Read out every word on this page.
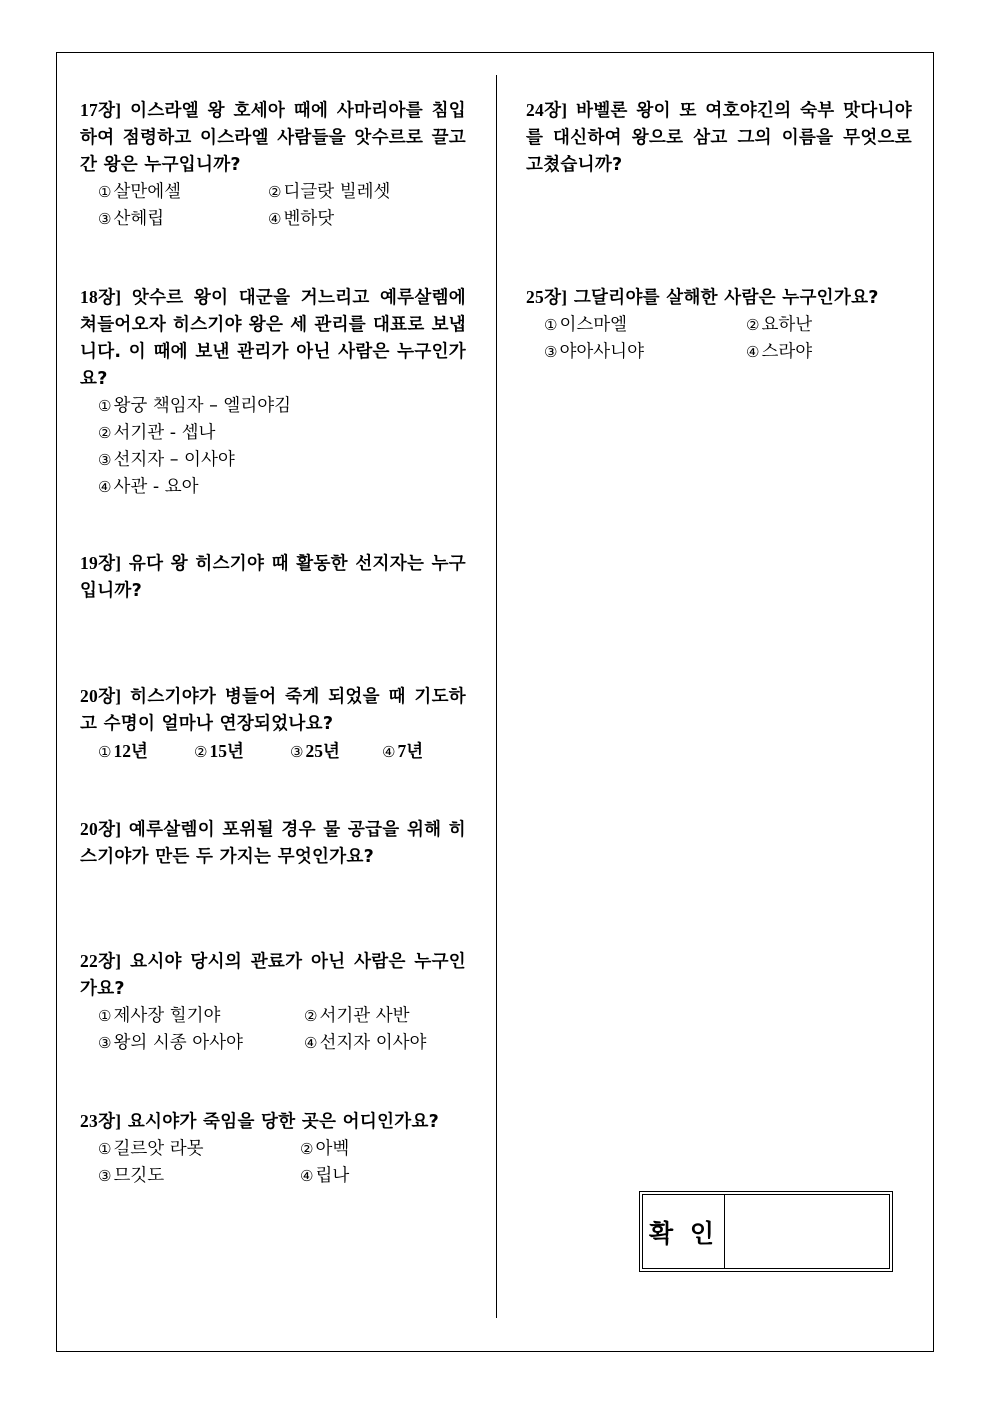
17장] 이스라엘 왕 호세아 때에 사마리아를 침입하여 점령하고 이스라엘 사람들을 앗수르로 끌고 간 왕은 누구입니까?

① 살만에셀	② 디글랏 빌레셋
③ 산헤립	④ 벤하닷

18장] 앗수르 왕이 대군을 거느리고 예루살렘에 쳐들어오자 히스기야 왕은 세 관리를 대표로 보냅니다. 이 때에 보낸 관리가 아닌 사람은 누구인가요?

① 왕궁 책임자 – 엘리야김
② 서기관 - 셉나
③ 선지자 – 이사야
④ 사관 - 요아

19장] 유다 왕 히스기야 때 활동한 선지자는 누구입니까?

20장] 히스기야가 병들어 죽게 되었을 때 기도하고 수명이 얼마나 연장되었나요?

① 12년	② 15년	③ 25년	④ 7년

20장] 예루살렘이 포위될 경우 물 공급을 위해 히스기야가 만든 두 가지는 무엇인가요?

22장] 요시야 당시의 관료가 아닌 사람은 누구인가요?

① 제사장 힐기야	② 서기관 사반
③ 왕의 시종 아사야	④ 선지자 이사야

23장] 요시야가 죽임을 당한 곳은 어디인가요?

① 길르앗 라못	② 아벡
③ 므깃도	④ 립나

24장] 바벨론 왕이 또 여호야긴의 숙부 맛다니야를 대신하여 왕으로 삼고 그의 이름을 무엇으로 고쳤습니까?

25장] 그달리야를 살해한 사람은 누구인가요?

① 이스마엘	② 요하난
③ 야아사니야	④ 스라야
확 인
